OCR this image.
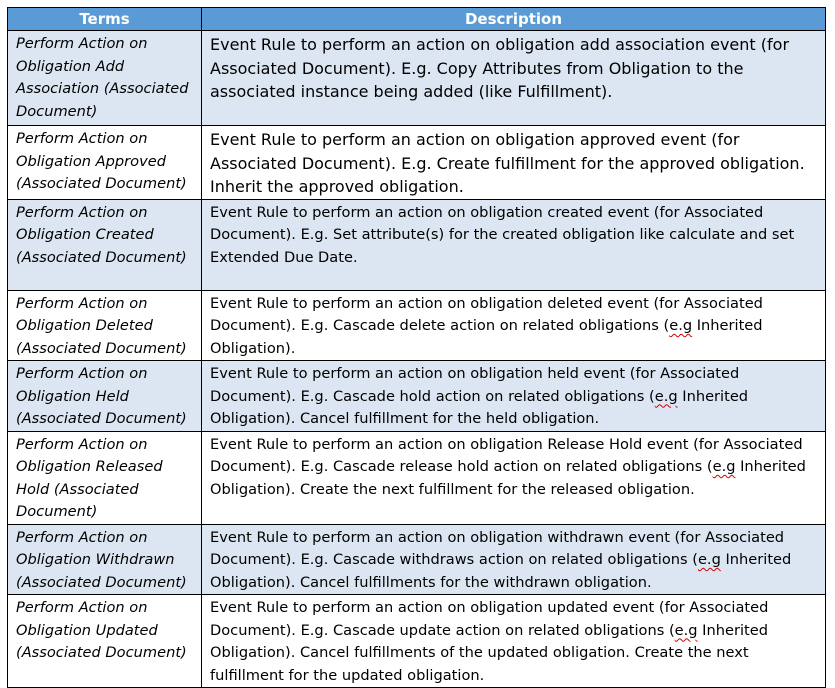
Terms	Description
Perform Action on Obligation Add Association (Associated Document)	Event Rule to perform an action on obligation add association event (for Associated Document). E.g. Copy Attributes from Obligation to the associated instance being added (like Fulfillment).
Perform Action on Obligation Approved (Associated Document)	Event Rule to perform an action on obligation approved event (for Associated Document). E.g. Create fulfillment for the approved obligation. Inherit the approved obligation.
Perform Action on Obligation Created (Associated Document)	Event Rule to perform an action on obligation created event (for Associated Document). E.g. Set attribute(s) for the created obligation like calculate and set Extended Due Date.
Perform Action on Obligation Deleted (Associated Document)	Event Rule to perform an action on obligation deleted event (for Associated Document). E.g. Cascade delete action on related obligations (e.g Inherited Obligation).
Perform Action on Obligation Held (Associated Document)	Event Rule to perform an action on obligation held event (for Associated Document). E.g. Cascade hold action on related obligations (e.g Inherited Obligation). Cancel fulfillment for the held obligation.
Perform Action on Obligation Released Hold (Associated Document)	Event Rule to perform an action on obligation Release Hold event (for Associated Document). E.g. Cascade release hold action on related obligations (e.g Inherited Obligation). Create the next fulfillment for the released obligation.
Perform Action on Obligation Withdrawn (Associated Document)	Event Rule to perform an action on obligation withdrawn event (for Associated Document). E.g. Cascade withdraws action on related obligations (e.g Inherited Obligation). Cancel fulfillments for the withdrawn obligation.
Perform Action on Obligation Updated (Associated Document)	Event Rule to perform an action on obligation updated event (for Associated Document). E.g. Cascade update action on related obligations (e.g Inherited Obligation). Cancel fulfillments of the updated obligation. Create the next fulfillment for the updated obligation.
